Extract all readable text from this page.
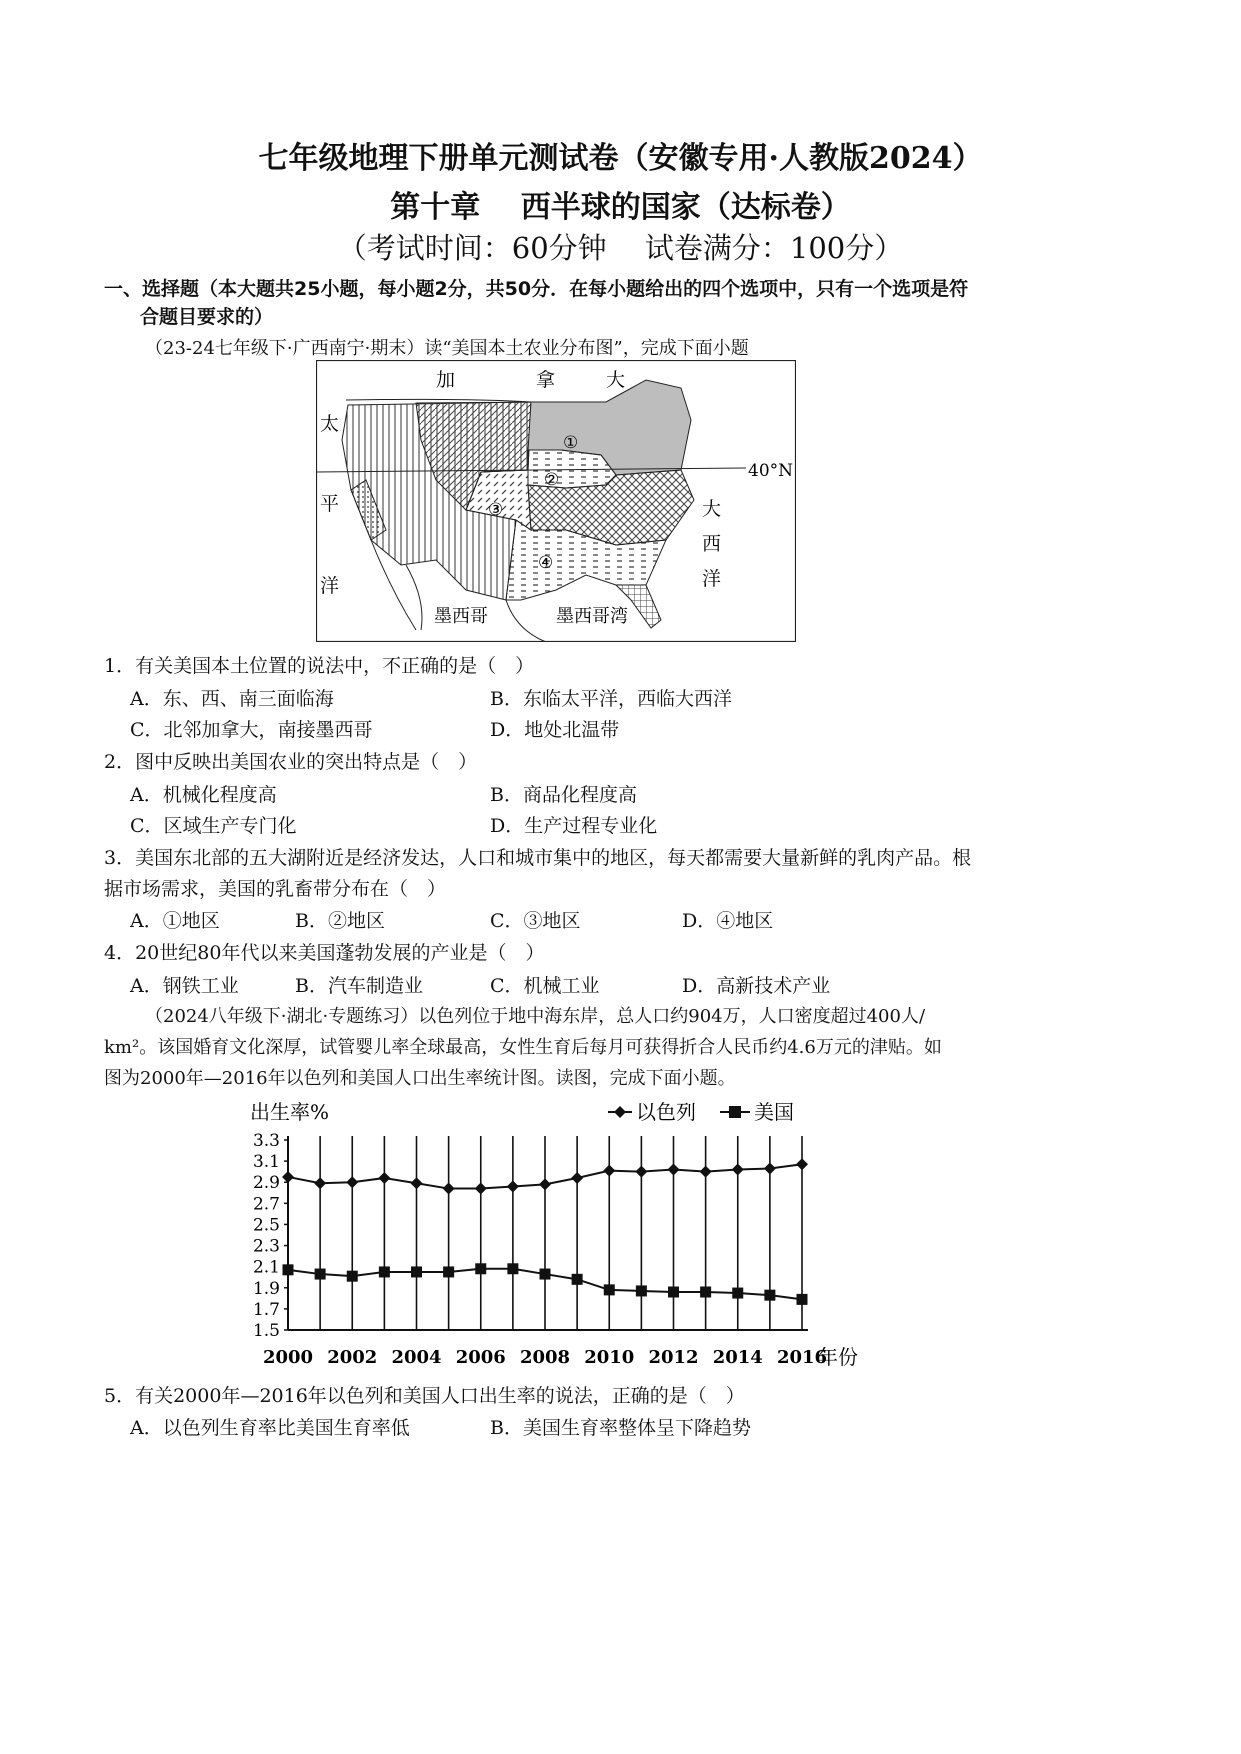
七年级地理下册单元测试卷（安徽专用·人教版2024）
第十章　 西半球的国家（达标卷）
（考试时间：60分钟　 试卷满分：100分）
一、选择题（本大题共25小题，每小题2分，共50分．在每小题给出的四个选项中，只有一个选项是符
合题目要求的）
（23-24七年级下·广西南宁·期末）读“美国本土农业分布图”，完成下面小题
加	拿	大
太
平
洋
大
西
洋
40°N
墨西哥	墨西哥湾
①
②
③
④
1．有关美国本土位置的说法中，不正确的是（　）
A．东、西、南三面临海	B．东临太平洋，西临大西洋
C．北邻加拿大，南接墨西哥	D．地处北温带
2．图中反映出美国农业的突出特点是（　）
A．机械化程度高	B．商品化程度高
C．区域生产专门化	D．生产过程专业化
3．美国东北部的五大湖附近是经济发达，人口和城市集中的地区，每天都需要大量新鲜的乳肉产品。根
据市场需求，美国的乳畜带分布在（　）
A．①地区	B．②地区	C．③地区	D．④地区
4．20世纪80年代以来美国蓬勃发展的产业是（　）
A．钢铁工业	B．汽车制造业	C．机械工业	D．高新技术产业
（2024八年级下·湖北·专题练习）以色列位于地中海东岸，总人口约904万，人口密度超过400人/
km²。该国婚育文化深厚，试管婴儿率全球最高，女性生育后每月可获得折合人民币约4.6万元的津贴。如
图为2000年—2016年以色列和美国人口出生率统计图。读图，完成下面小题。
出生率%
年份
以色列	美国
3.3
3.1
2.9
2.7
2.5
2.3
2.1
1.9
1.7
1.5
2000 2002 2004 2006 2008 2010 2012 2014 2016
5．有关2000年—2016年以色列和美国人口出生率的说法，正确的是（　）
A．以色列生育率比美国生育率低	B．美国生育率整体呈下降趋势
